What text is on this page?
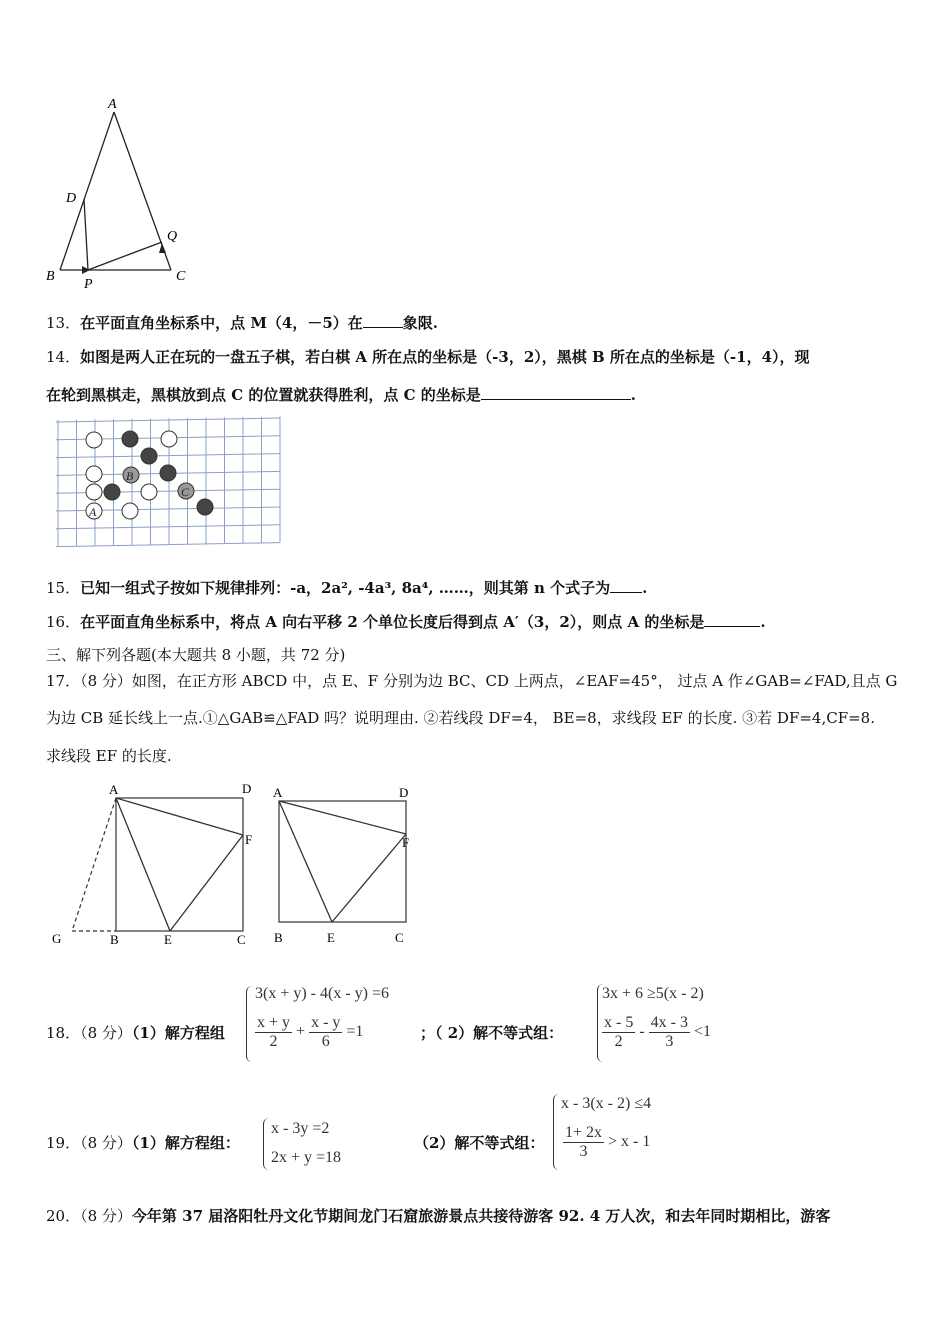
A
D
Q
B
P
C
13．在平面直角坐标系中，点 M（4，－5）在	象限.
14．如图是两人正在玩的一盘五子棋，若白棋 A 所在点的坐标是（-3，2），黑棋 B 所在点的坐标是（-1，4），现
在轮到黑棋走，黑棋放到点 C 的位置就获得胜利，点 C 的坐标是	.
B
C
A
15．已知一组式子按如下规律排列：-a，2a², -4a³, 8a⁴, ……，则其第 n 个式子为 .
16．在平面直角坐标系中，将点 A 向右平移 2 个单位长度后得到点 A′（3，2），则点 A 的坐标是	.
三、解下列各题(本大题共 8 小题，共 72 分)
17．（8 分）如图，在正方形 ABCD 中，点 E、F 分别为边 BC、CD 上两点，∠EAF=45°， 过点 A 作∠GAB=∠FAD,且点 G
为边 CB 延长线上一点.①△GAB≌△FAD 吗？说明理由. ②若线段 DF=4， BE=8，求线段 EF 的长度. ③若 DF=4,CF=8.
求线段 EF 的长度.
A	D
F
G	B	E	C
A	D
F
B	E	C
18．（8 分）（1）解方程组
3(x + y) - 4(x - y) =6
$\frac{x + y}{2} + \frac{x - y}{6} =1$	；（ 2）解不等式组：
3x + 6 ≥5(x - 2)
$\frac{x - 5}{2} - \frac{4x - 3}{3} <1$
19．（8 分）（1）解方程组：
x - 3y =2
2x + y =18
（2）解不等式组：
x - 3(x - 2) ≤4
$\frac{1+ 2x}{3} > x - 1$
20．（8 分）今年第 37 届洛阳牡丹文化节期间龙门石窟旅游景点共接待游客 92. 4 万人次，和去年同时期相比，游客
